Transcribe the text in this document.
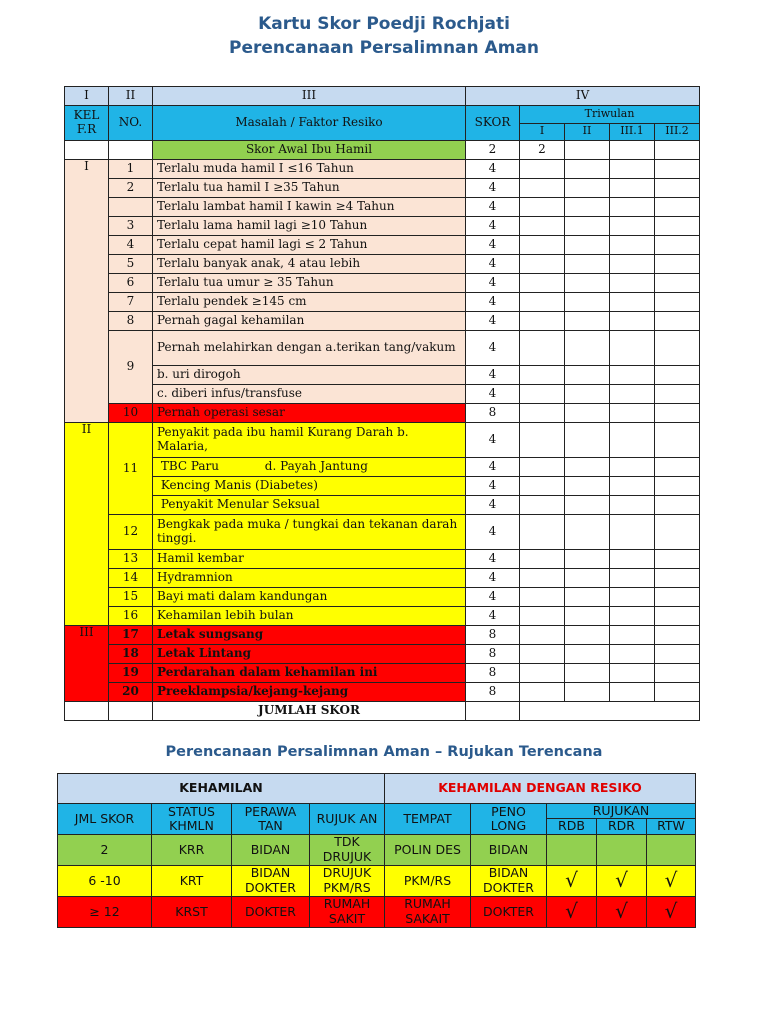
Kartu Skor Poedji Rochjati
Perencanaan Persalimnan Aman
I	II	III	IV				
KEL F.R	NO.	Masalah / Faktor Resiko	SKOR	Triwulan			
				I	II	III.1	III.2
		Skor Awal Ibu Hamil	2	2			
I	1	Terlalu muda hamil I ≤16 Tahun	4				
	2	Terlalu tua hamil I ≥35 Tahun	4				
		Terlalu lambat hamil I kawin ≥4 Tahun	4				
	3	Terlalu lama hamil lagi ≥10 Tahun	4				
	4	Terlalu cepat hamil lagi ≤ 2 Tahun	4				
	5	Terlalu banyak anak, 4 atau lebih	4				
	6	Terlalu tua umur ≥ 35 Tahun	4				
	7	Terlalu pendek ≥145 cm	4				
	8	Pernah gagal kehamilan	4				
	9	Pernah melahirkan dengan a.terikan tang/vakum	4				
		b. uri dirogoh	4				
		c. diberi infus/transfuse	4				
	10	Pernah operasi sesar	8				
II	11	Penyakit pada ibu hamil Kurang Darah b. Malaria,	4				
		TBC Paru            d. Payah Jantung	4				
		Kencing Manis (Diabetes)	4				
		Penyakit Menular Seksual	4				
	12	Bengkak pada muka / tungkai dan tekanan darah tinggi.	4				
	13	Hamil kembar	4				
	14	Hydramnion	4				
	15	Bayi mati dalam kandungan	4				
	16	Kehamilan lebih bulan	4				
III	17	Letak sungsang	8				
	18	Letak Lintang	8				
	19	Perdarahan dalam kehamilan ini	8				
	20	Preeklampsia/kejang-kejang	8				
		JUMLAH SKOR					
Perencanaan Persalimnan Aman – Rujukan Terencana
KEHAMILAN				KEHAMILAN DENGAN RESIKO				
JML SKOR	STATUS KHMLN	PERAWA TAN	RUJUK AN	TEMPAT	PENO LONG	RUJUKAN		
						RDB	RDR	RTW
2	KRR	BIDAN	TDK DRUJUK	POLIN DES	BIDAN			
6 -10	KRT	BIDAN DOKTER	DRUJUK PKM/RS	PKM/RS	BIDAN DOKTER	√	√	√
≥ 12	KRST	DOKTER	RUMAH SAKIT	RUMAH SAKAIT	DOKTER	√	√	√
